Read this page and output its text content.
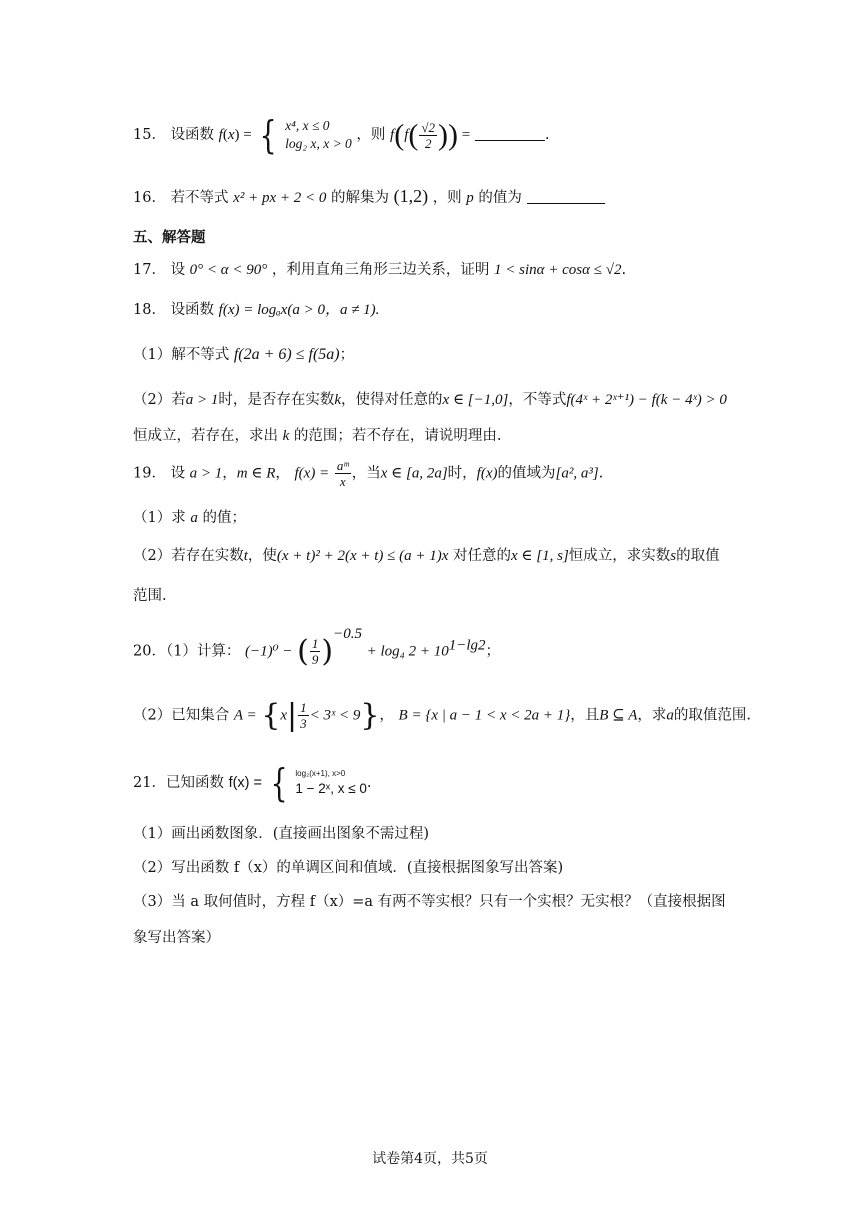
15． 设函数 f(x) = { x⁴, x ≤ 0
log₂ x, x > 0
，则 $f(f( \frac{√2}{2}$ )) =	.
16． 若不等式 x² + px + 2 < 0 的解集为 (1,2) ，则 p 的值为
五、解答题
17． 设 0° < α < 90° ，利用直角三角形三边关系，证明 1 < sinα + cosα ≤ √2.
18． 设函数 f(x) = logₐx(a > 0，a ≠ 1).
（1）解不等式 f(2a + 6) ≤ f(5a)；
（2）若a > 1时，是否存在实数k，使得对任意的x ∈ [−1,0]，不等式f(4ˣ + 2ˣ⁺¹) − f(k − 4ˣ) > 0
恒成立，若存在，求出 k 的范围；若不存在，请说明理由.
19． 设 a > 1，m ∈ R， $f(x) = \frac{\text{aᵐ}}{x}$ ，当x ∈ [a, 2a]时，f(x)的值域为[a², a³].
（1）求 a 的值；
（2）若存在实数t，使(x + t)² + 2(x + t) ≤ (a + 1)x 对任意的x ∈ [1, s]恒成立，求实数s的取值
范围.
20．（1）计算： (−1)⁰ − ( $\frac{1}{9} )^{-0.5} + \log_4$ $2 + 10^{1-lg2}$；
（2）已知集合 $A = \{x| \frac{1}{3}$ < 3ˣ < 9}， B = {x | a − 1 < x < 2a + 1}，且B ⊆ A，求a的取值范围.
21．已知函数 f(x) = { log₂(x+1), x>0
1 − 2ˣ, x ≤ 0 .
（1）画出函数图象．(直接画出图象不需过程)
（2）写出函数 f（x）的单调区间和值域．(直接根据图象写出答案)
（3）当 a 取何值时，方程 f（x）=a 有两不等实根？只有一个实根？无实根？（直接根据图
象写出答案）
试卷第4页，共5页
